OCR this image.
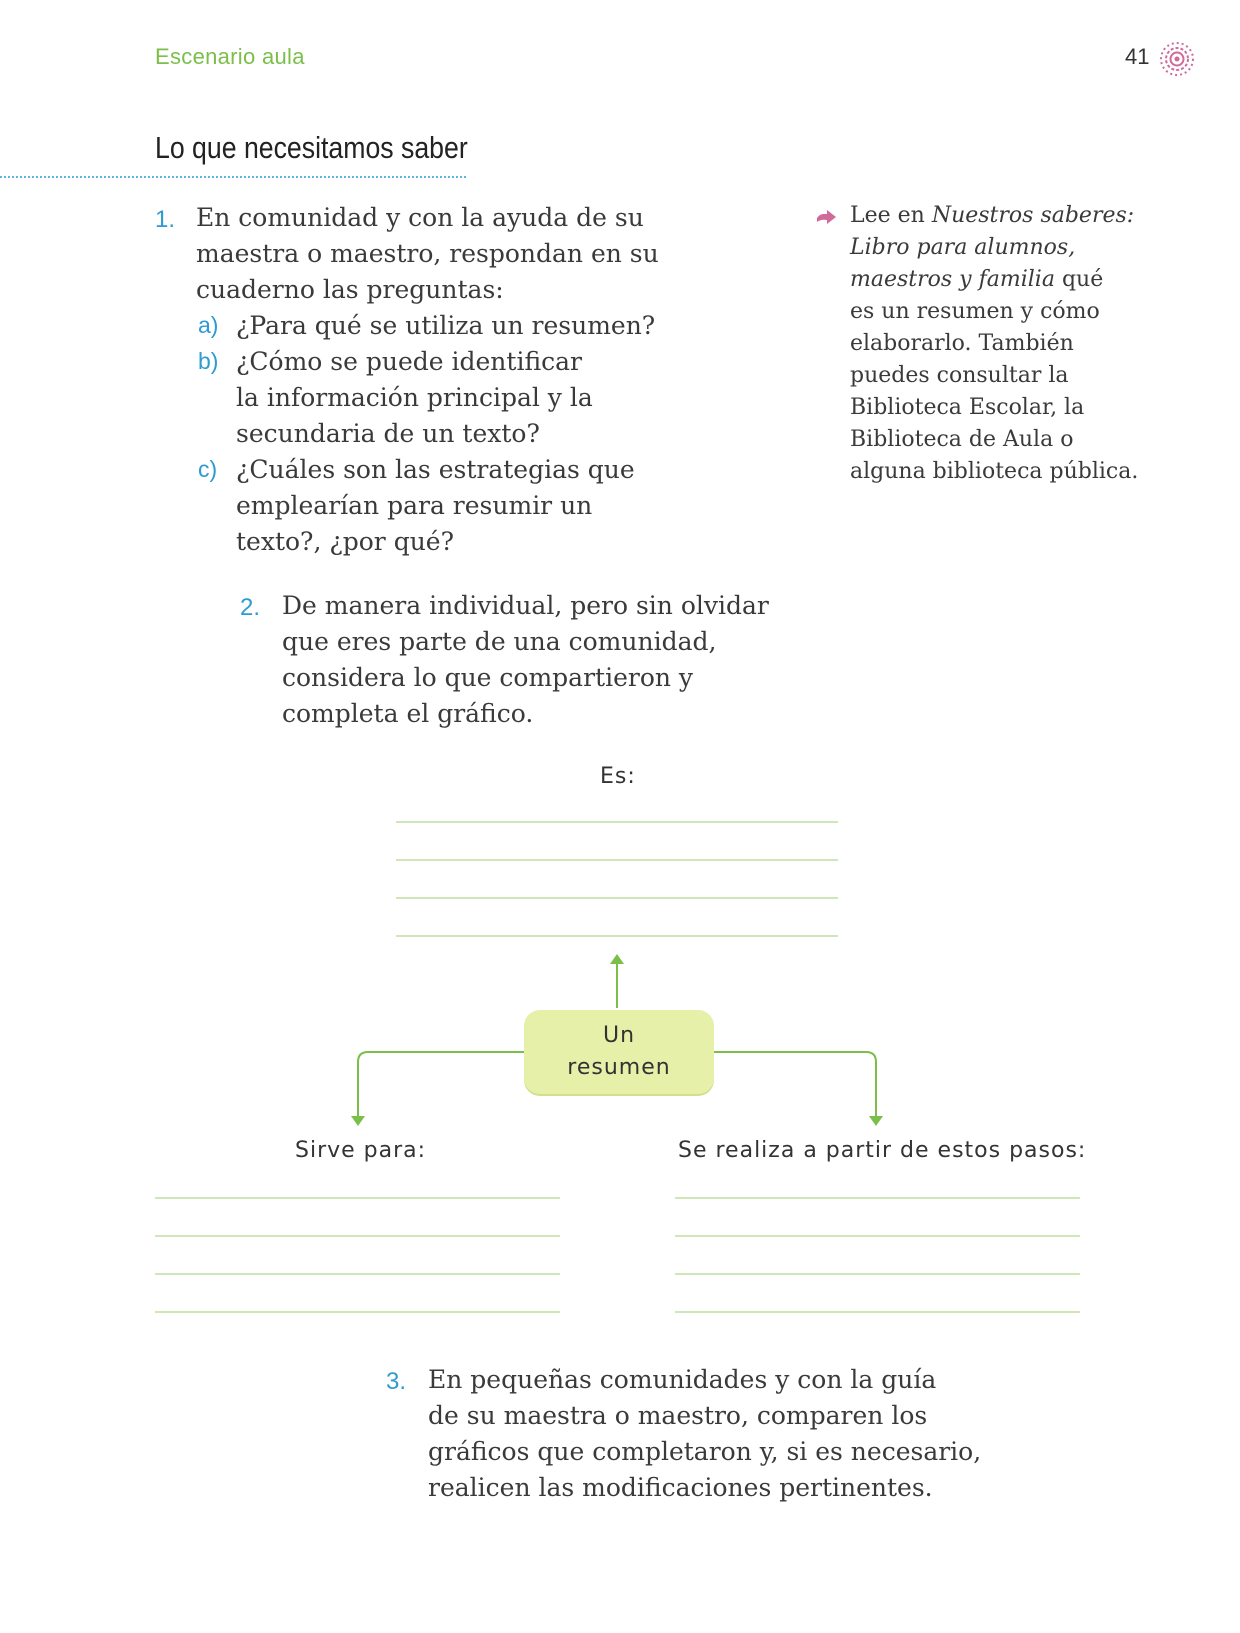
Escenario aula	41
Lo que necesitamos saber
1. En comunidad y con la ayuda de su
maestra o maestro, respondan en su
cuaderno las preguntas:
a) ¿Para qué se utiliza un resumen?
b) ¿Cómo se puede identificar
la información principal y la
secundaria de un texto?
c) ¿Cuáles son las estrategias que
emplearían para resumir un
texto?, ¿por qué?
Lee en Nuestros saberes:
Libro para alumnos,
maestros y familia qué
es un resumen y cómo
elaborarlo. También
puedes consultar la
Biblioteca Escolar, la
Biblioteca de Aula o
alguna biblioteca pública.
2. De manera individual, pero sin olvidar
que eres parte de una comunidad,
considera lo que compartieron y
completa el gráfico.
Es:
Un
resumen
Sirve para:	Se realiza a partir de estos pasos:
3. En pequeñas comunidades y con la guía
de su maestra o maestro, comparen los
gráficos que completaron y, si es necesario,
realicen las modificaciones pertinentes.
